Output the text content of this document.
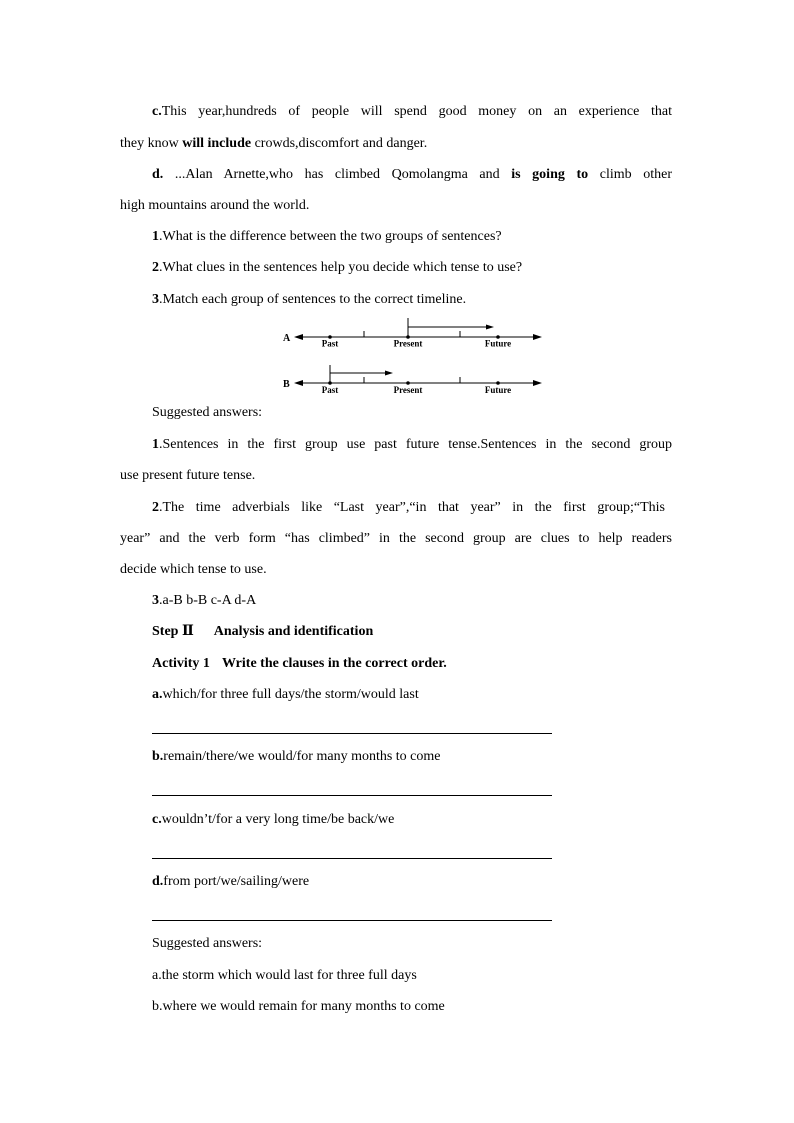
c.This year,hundreds of people will spend good money on an experience that
they know will include crowds,discomfort and danger.
d. ...Alan Arnette,who has climbed Qomolangma and is going to climb other
high mountains around the world.
1.What is the difference between the two groups of sentences?
2.What clues in the sentences help you decide which tense to use?
3.Match each group of sentences to the correct timeline.
A	Past	Present	Future
B	Past	Present	Future
Suggested answers:
1.Sentences in the first group use past future tense.Sentences in the second group
use present future tense.
2.The time adverbials like “Last year”,“in that year” in the first group;“This
year” and the verb form “has climbed” in the second group are clues to help readers
decide which tense to use.
3.a-B b-B c-A d-A
Step Ⅱ Analysis and identification
Activity 1 Write the clauses in the correct order.
a.which/for three full days/the storm/would last
b.remain/there/we would/for many months to come
c.wouldn’t/for a very long time/be back/we
d.from port/we/sailing/were
Suggested answers:
a.the storm which would last for three full days
b.where we would remain for many months to come
